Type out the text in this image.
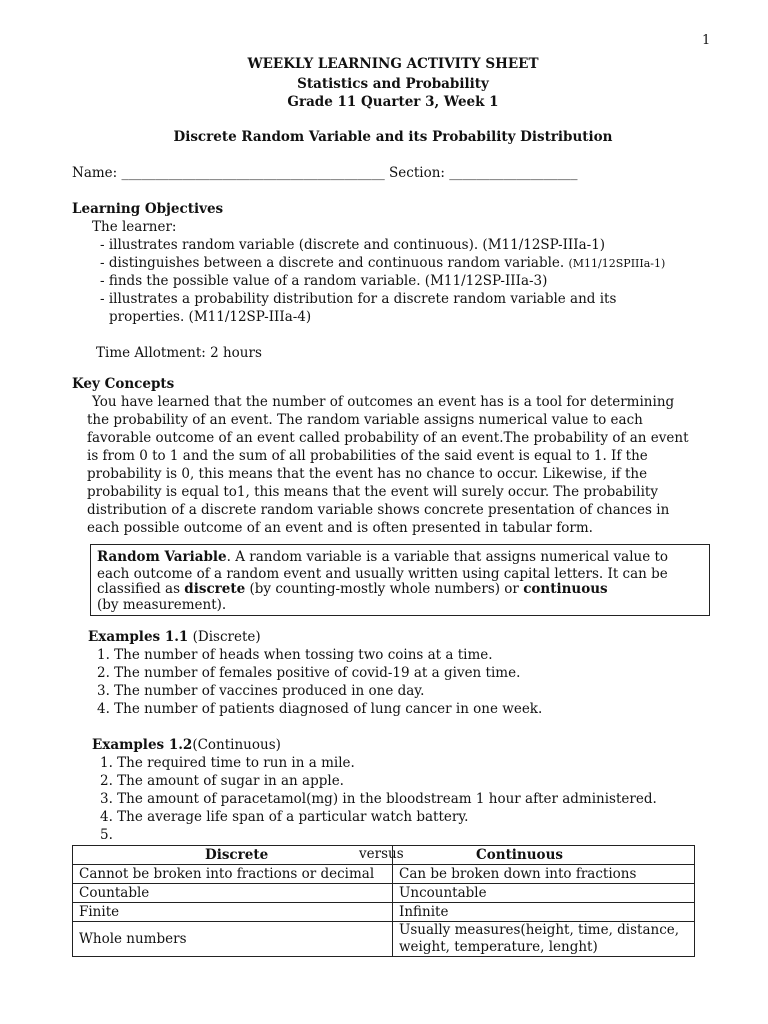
1
WEEKLY LEARNING ACTIVITY SHEET
Statistics and Probability
Grade 11 Quarter 3, Week 1
Discrete Random Variable and its Probability Distribution
Name: _______________________________________ Section: ___________________
Learning Objectives
The learner:
- illustrates random variable (discrete and continuous). (M11/12SP-IIIa-1)
- distinguishes between a discrete and continuous random variable. (M11/12SPIIIa-1)
- finds the possible value of a random variable. (M11/12SP-IIIa-3)
- illustrates a probability distribution for a discrete random variable and its
properties. (M11/12SP-IIIa-4)
Time Allotment: 2 hours
Key Concepts
You have learned that the number of outcomes an event has is a tool for determining
the probability of an event. The random variable assigns numerical value to each
favorable outcome of an event called probability of an event.The probability of an event
is from 0 to 1 and the sum of all probabilities of the said event is equal to 1. If the
probability is 0, this means that the event has no chance to occur. Likewise, if the
probability is equal to1, this means that the event will surely occur. The probability
distribution of a discrete random variable shows concrete presentation of chances in
each possible outcome of an event and is often presented in tabular form.
Random Variable. A random variable is a variable that assigns numerical value to
each outcome of a random event and usually written using capital letters. It can be
classified as discrete (by counting-mostly whole numbers) or continuous
(by measurement).
Examples 1.1 (Discrete)
1. The number of heads when tossing two coins at a time.
2. The number of females positive of covid-19 at a given time.
3. The number of vaccines produced in one day.
4. The number of patients diagnosed of lung cancer in one week.
Examples 1.2(Continuous)
1. The required time to run in a mile.
2. The amount of sugar in an apple.
3. The amount of paracetamol(mg) in the bloodstream 1 hour after administered.
4. The average life span of a particular watch battery.
5.
Discrete versus	Continuous
Cannot be broken into fractions or decimal	Can be broken down into fractions
Countable	Uncountable
Finite	Infinite
Whole numbers	Usually measures(height, time, distance,
weight, temperature, lenght)
